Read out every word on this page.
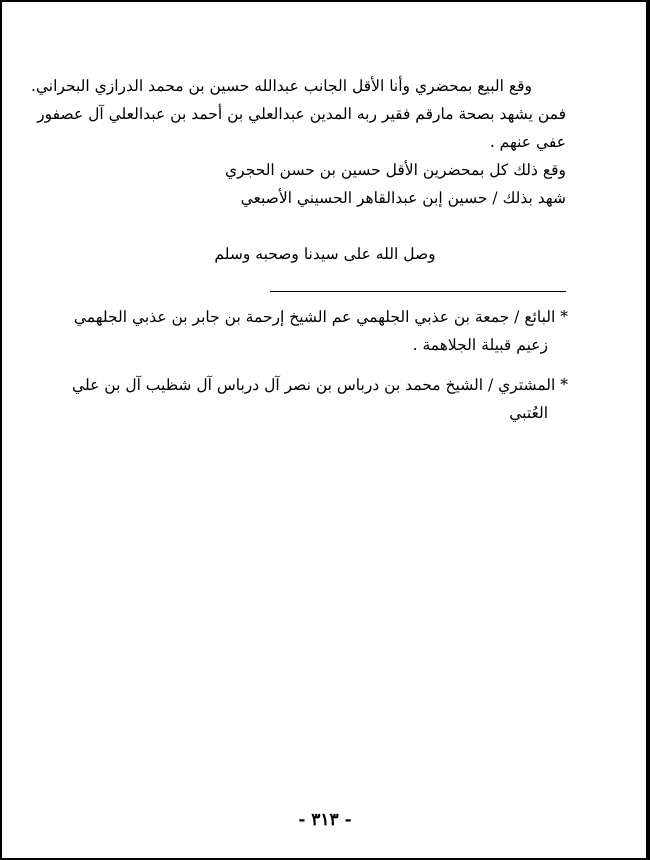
وقع البيع بمحضري وأنا الأقل الجانب عبدالله حسين بن محمد الدرازي البحراني.
فمن يشهد بصحة مارقم فقير ربه المدين عبدالعلي بن أحمد بن عبدالعلي آل عصفور
عفي عنهم .
وقع ذلك كل بمحضرين الأقل حسين بن حسن الحجري
شهد بذلك / حسين إبن عبدالقاهر الحسيني الأصبعي
وصل الله على سيدنا وصحبه وسلم
* البائع / جمعة بن عذبي الجلهمي عم الشيخ إرحمة بن جابر بن عذبي الجلهمي
زعيم قبيلة الجلاهمة .
* المشتري / الشيخ محمد بن درباس بن نصر آل درباس آل شظيب آل بن علي
العُتبي
- ٣١٣ -
